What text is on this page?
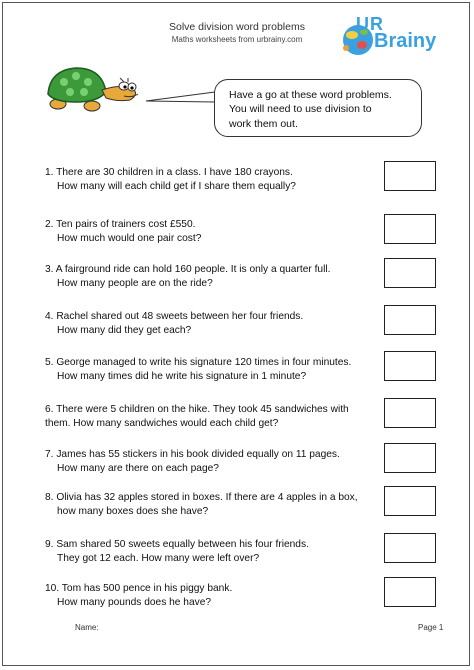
Solve division word problems
Maths worksheets from urbrainy.com
UR
Brainy
Have a go at these word problems.
You will need to use division to
work them out.
1. There are 30 children in a class. I have 180 crayons.
How many will each child get if I share them equally?
2. Ten pairs of trainers cost £550.
How much would one pair cost?
3. A fairground ride can hold 160 people. It is only a quarter full.
How many people are on the ride?
4. Rachel shared out 48 sweets between her four friends.
How many did they get each?
5. George managed to write his signature 120 times in four minutes.
How many times did he write his signature in 1 minute?
6. There were 5 children on the hike. They took 45 sandwiches with
them. How many sandwiches would each child get?
7. James has 55 stickers in his book divided equally on 11 pages.
How many are there on each page?
8. Olivia has 32 apples stored in boxes. If there are 4 apples in a box,
how many boxes does she have?
9. Sam shared 50 sweets equally between his four friends.
They got 12 each. How many were left over?
10. Tom has 500 pence in his piggy bank.
How many pounds does he have?
Name:	Page 1
